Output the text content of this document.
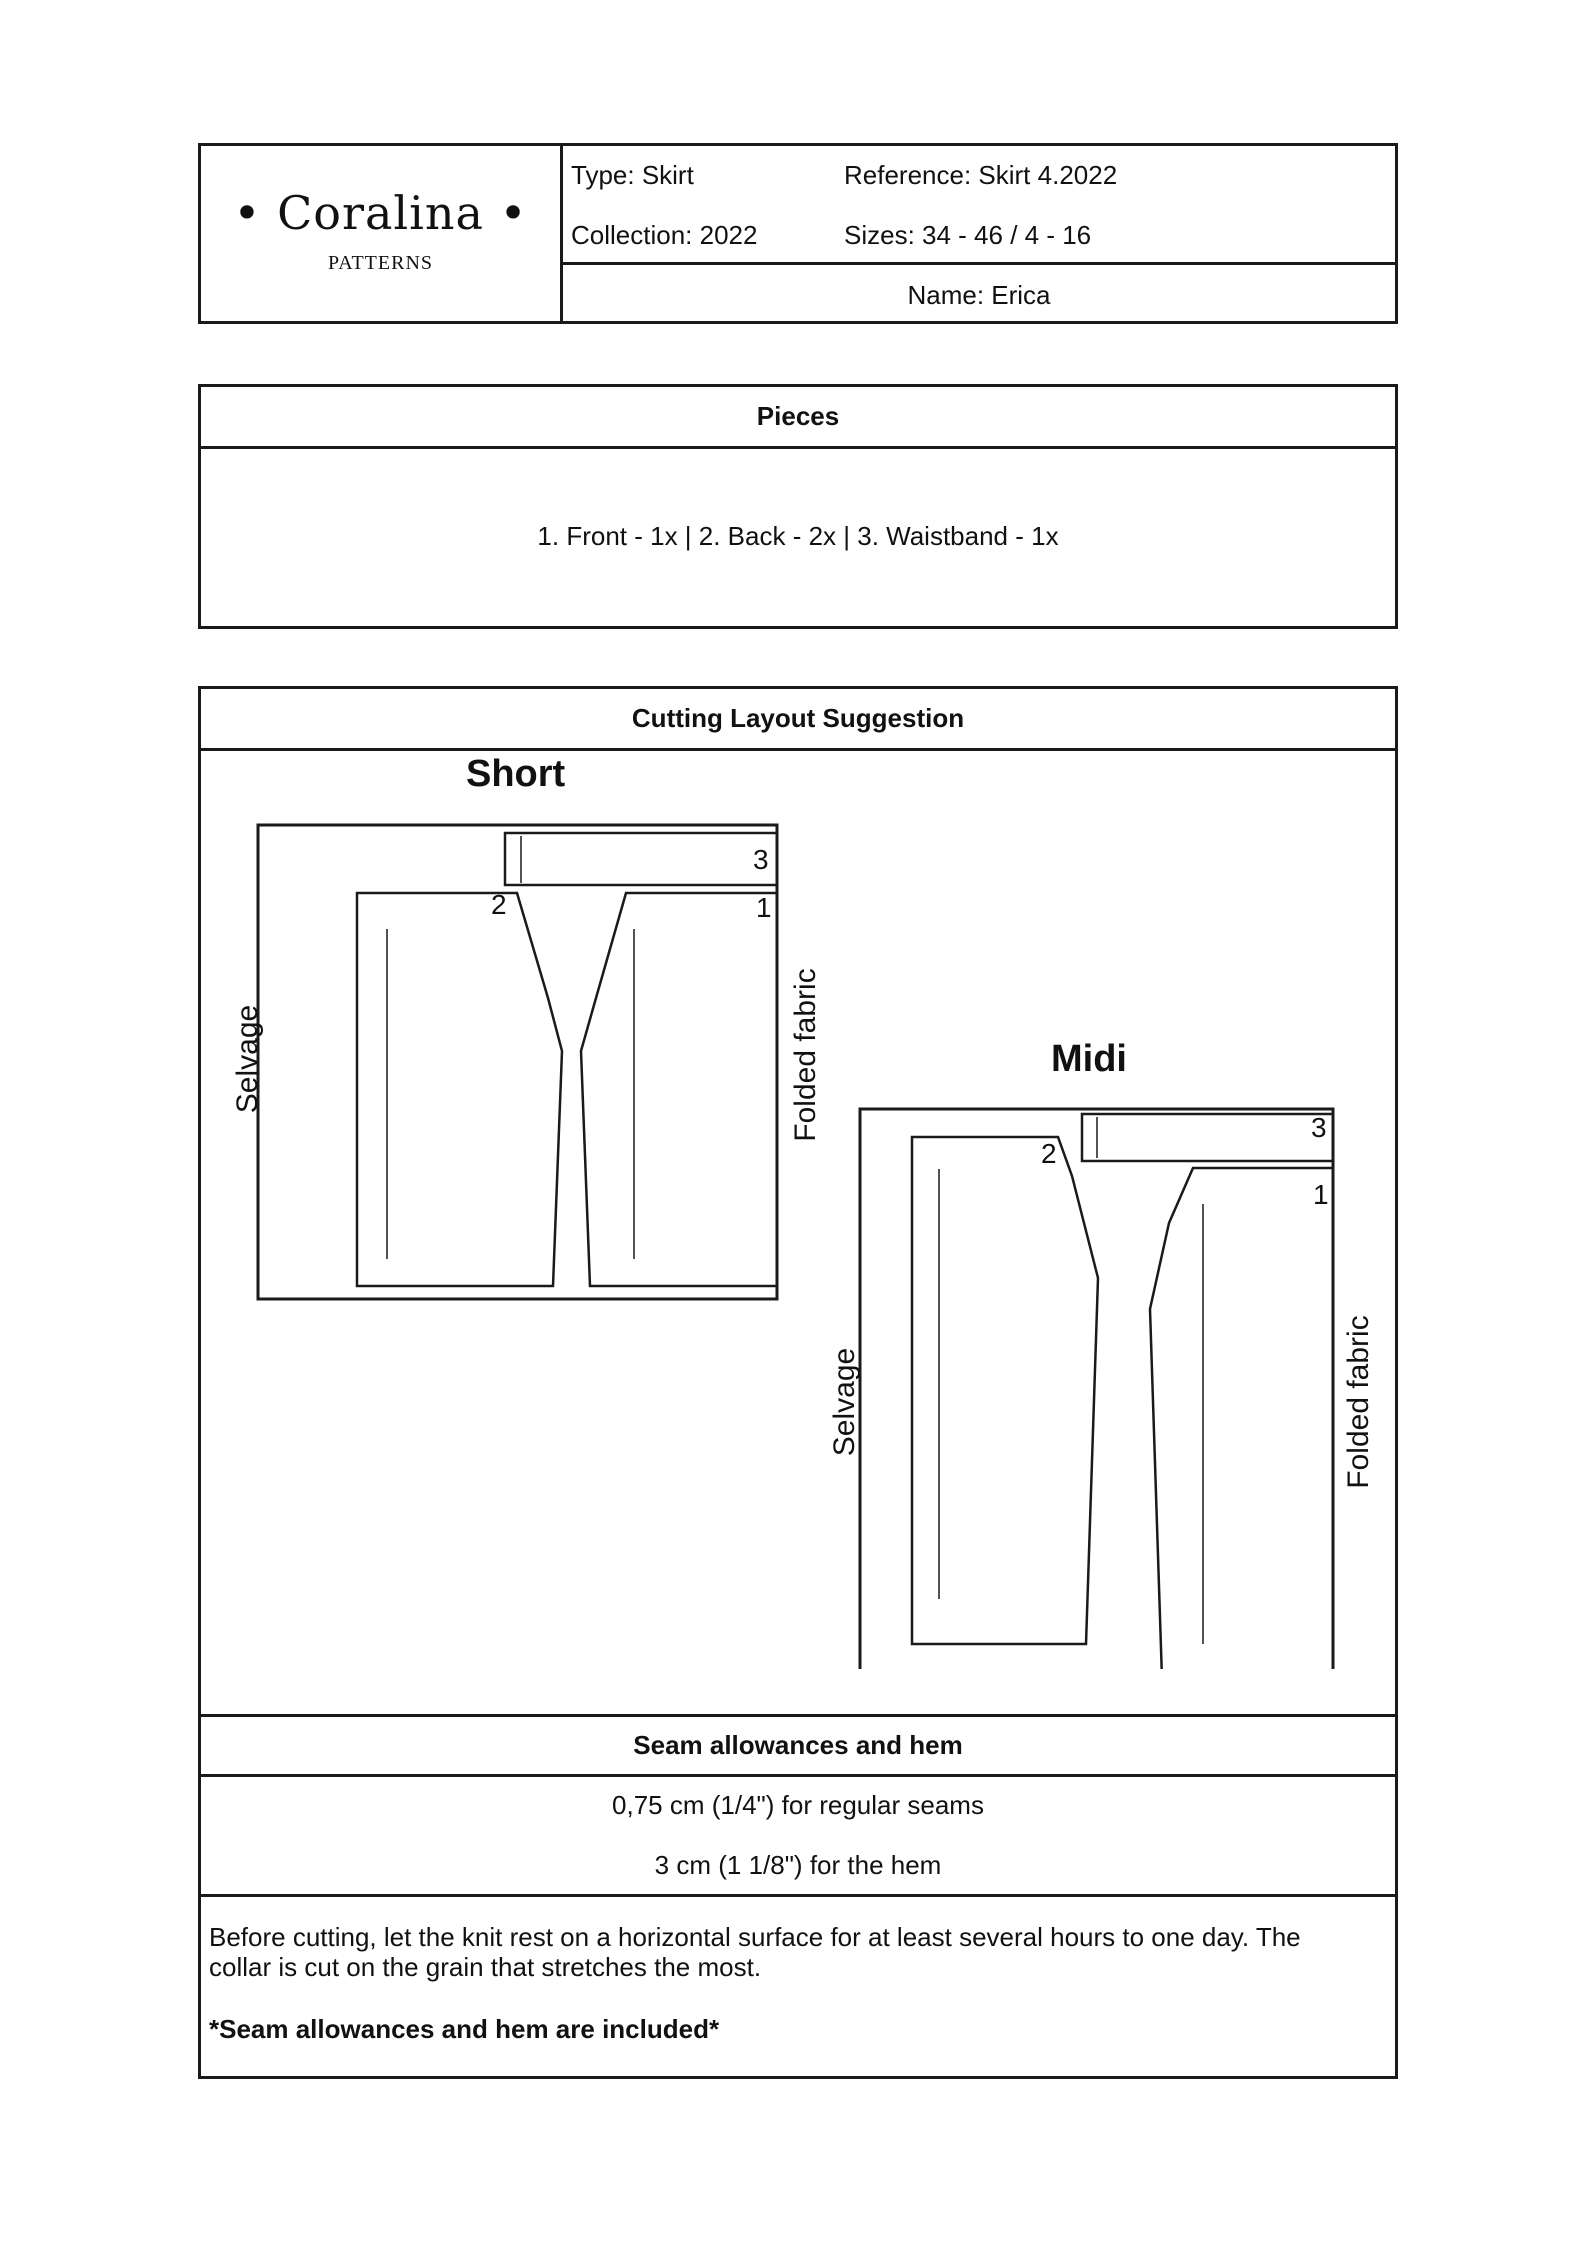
• Coralina •
PATTERNS
Type: Skirt	Reference: Skirt 4.2022
Collection: 2022	Sizes: 34 - 46 / 4 - 16
Name: Erica
Pieces
1. Front - 1x | 2. Back - 2x | 3. Waistband - 1x
Cutting Layout Suggestion
Short
3
2	1
Selvage	Folded fabric	Midi
3
2
1
Selvage	Folded fabric
Seam allowances and hem
0,75 cm (1/4") for regular seams
3 cm (1 1/8") for the hem
Before cutting, let the knit rest on a horizontal surface for at least several hours to one day. The collar is cut on the grain that stretches the most.
*Seam allowances and hem are included*
